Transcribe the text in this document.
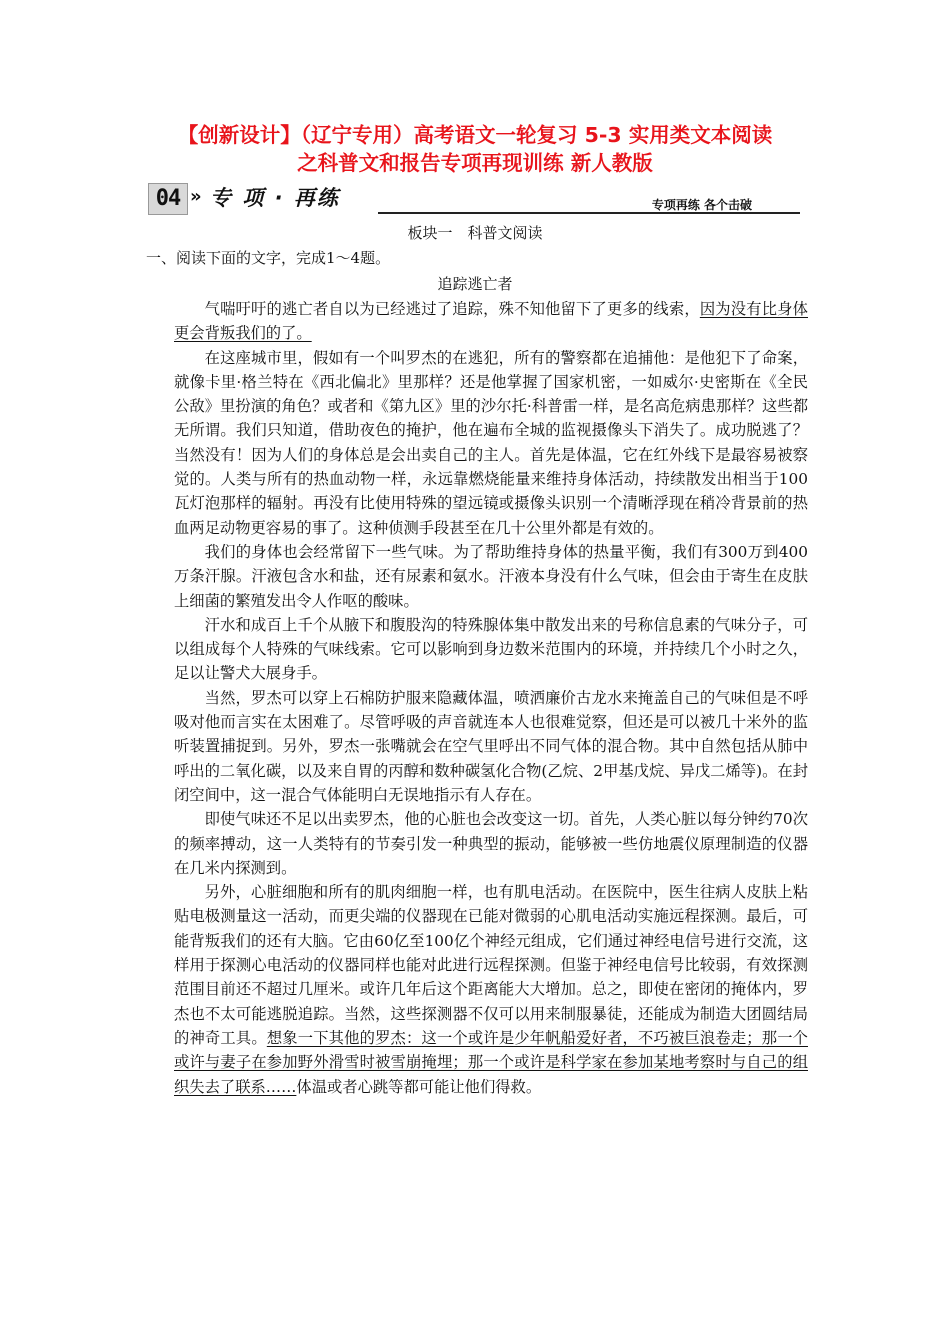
【创新设计】（辽宁专用）高考语文一轮复习 5-3 实用类文本阅读
之科普文和报告专项再现训练 新人教版
04 » 专 项 · 再练	专项再练 各个击破
板块一　科普文阅读
一、阅读下面的文字，完成1～4题。
追踪逃亡者

气喘吁吁的逃亡者自以为已经逃过了追踪，殊不知他留下了更多的线索，因为没有比身体更会背叛我们的了。

在这座城市里，假如有一个叫罗杰的在逃犯，所有的警察都在追捕他：是他犯下了命案，就像卡里·格兰特在《西北偏北》里那样？还是他掌握了国家机密，一如威尔·史密斯在《全民公敌》里扮演的角色？或者和《第九区》里的沙尔托·科普雷一样，是名高危病患那样？这些都无所谓。我们只知道，借助夜色的掩护，他在遍布全城的监视摄像头下消失了。成功脱逃了？当然没有！因为人们的身体总是会出卖自己的主人。首先是体温，它在红外线下是最容易被察觉的。人类与所有的热血动物一样，永远靠燃烧能量来维持身体活动，持续散发出相当于100瓦灯泡那样的辐射。再没有比使用特殊的望远镜或摄像头识别一个清晰浮现在稍冷背景前的热血两足动物更容易的事了。这种侦测手段甚至在几十公里外都是有效的。

我们的身体也会经常留下一些气味。为了帮助维持身体的热量平衡，我们有300万到400万条汗腺。汗液包含水和盐，还有尿素和氨水。汗液本身没有什么气味，但会由于寄生在皮肤上细菌的繁殖发出令人作呕的酸味。

汗水和成百上千个从腋下和腹股沟的特殊腺体集中散发出来的号称信息素的气味分子，可以组成每个人特殊的气味线索。它可以影响到身边数米范围内的环境，并持续几个小时之久，足以让警犬大展身手。

当然，罗杰可以穿上石棉防护服来隐藏体温，喷洒廉价古龙水来掩盖自己的气味但是不呼吸对他而言实在太困难了。尽管呼吸的声音就连本人也很难觉察，但还是可以被几十米外的监听装置捕捉到。另外，罗杰一张嘴就会在空气里呼出不同气体的混合物。其中自然包括从肺中呼出的二氧化碳，以及来自胃的丙醇和数种碳氢化合物(乙烷、2甲基戊烷、异戊二烯等)。在封闭空间中，这一混合气体能明白无误地指示有人存在。

即使气味还不足以出卖罗杰，他的心脏也会改变这一切。首先，人类心脏以每分钟约70次的频率搏动，这一人类特有的节奏引发一种典型的振动，能够被一些仿地震仪原理制造的仪器在几米内探测到。

另外，心脏细胞和所有的肌肉细胞一样，也有肌电活动。在医院中，医生往病人皮肤上粘贴电极测量这一活动，而更尖端的仪器现在已能对微弱的心肌电活动实施远程探测。最后，可能背叛我们的还有大脑。它由60亿至100亿个神经元组成，它们通过神经电信号进行交流，这样用于探测心电活动的仪器同样也能对此进行远程探测。但鉴于神经电信号比较弱，有效探测范围目前还不超过几厘米。或许几年后这个距离能大大增加。总之，即使在密闭的掩体内，罗杰也不太可能逃脱追踪。当然，这些探测器不仅可以用来制服暴徒，还能成为制造大团圆结局的神奇工具。想象一下其他的罗杰：这一个或许是少年帆船爱好者，不巧被巨浪卷走；那一个或许与妻子在参加野外滑雪时被雪崩掩埋；那一个或许是科学家在参加某地考察时与自己的组织失去了联系……体温或者心跳等都可能让他们得救。
